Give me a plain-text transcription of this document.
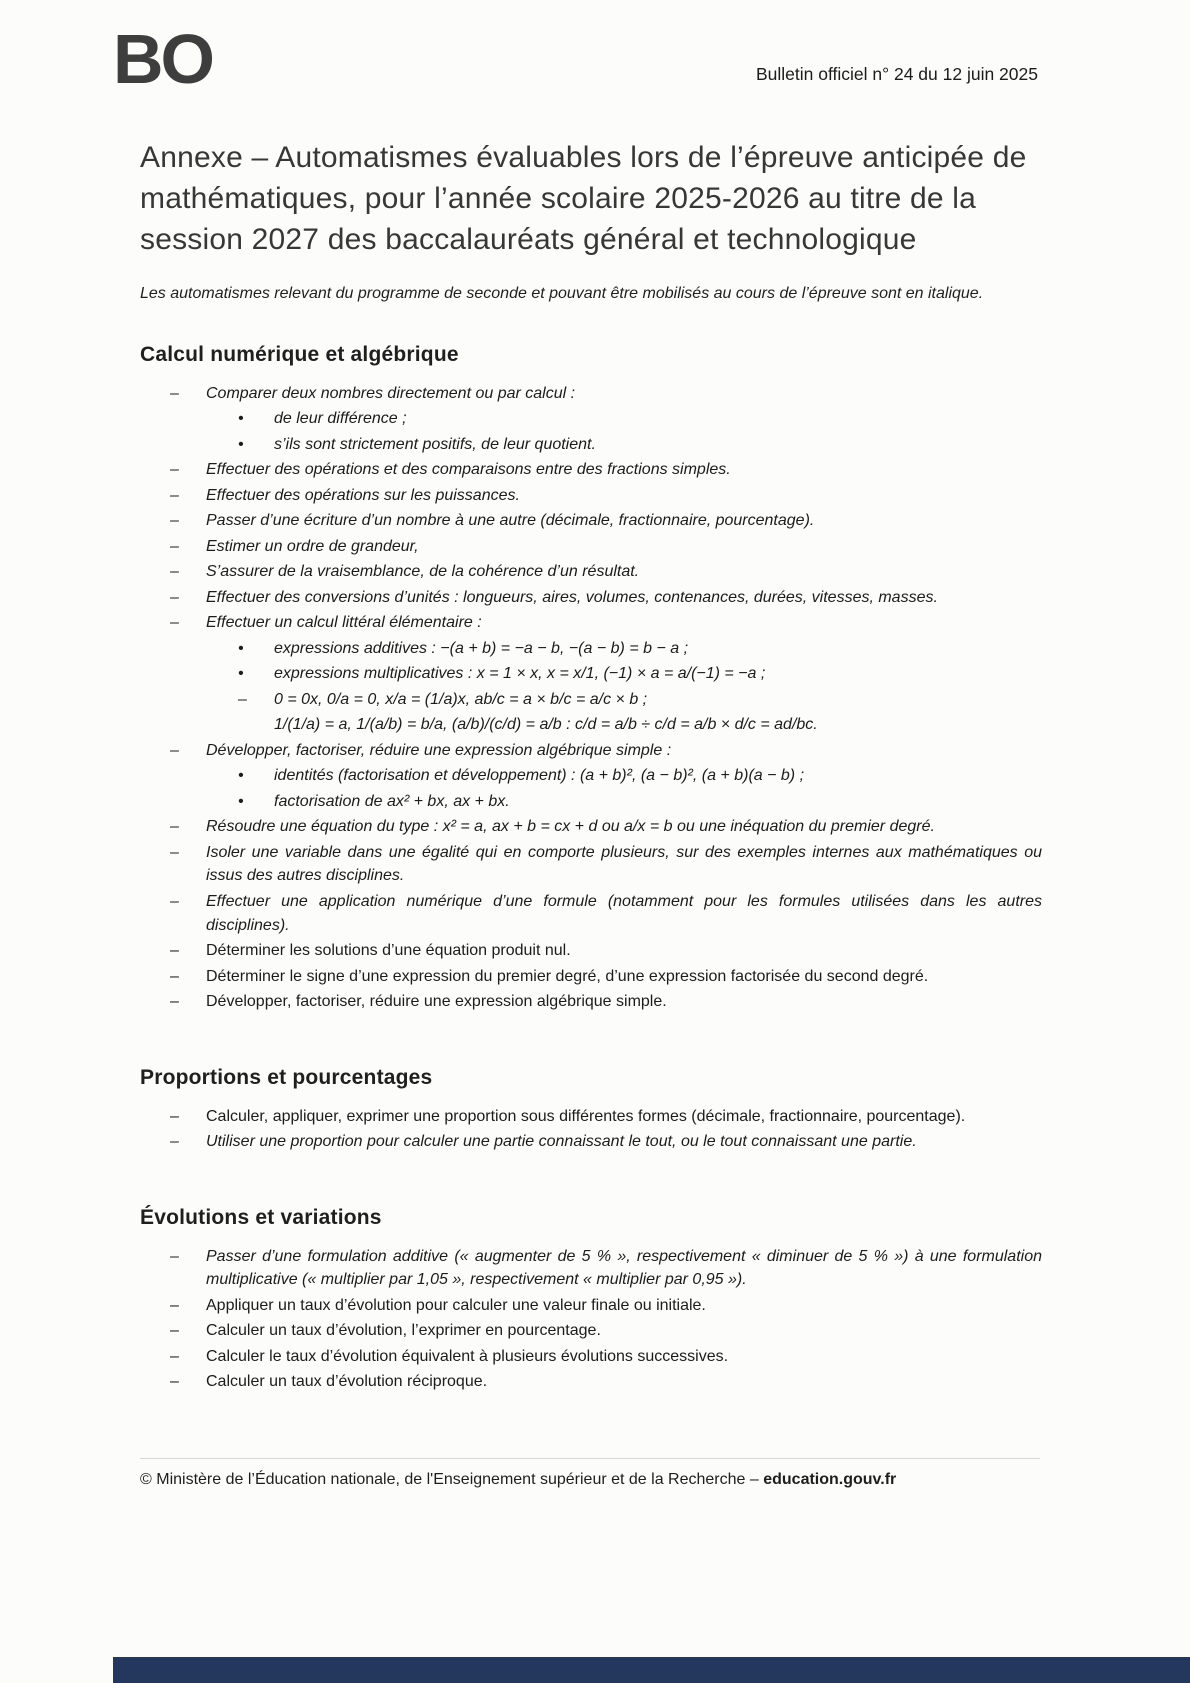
BO	Bulletin officiel n° 24 du 12 juin 2025
Annexe – Automatismes évaluables lors de l’épreuve anticipée de mathématiques, pour l’année scolaire 2025-2026 au titre de la session 2027 des baccalauréats général et technologique

Les automatismes relevant du programme de seconde et pouvant être mobilisés au cours de l’épreuve sont en italique.

Calcul numérique et algébrique
–	Comparer deux nombres directement ou par calcul :
•	de leur différence ;
•	s’ils sont strictement positifs, de leur quotient.
–	Effectuer des opérations et des comparaisons entre des fractions simples.
–	Effectuer des opérations sur les puissances.
–	Passer d’une écriture d’un nombre à une autre (décimale, fractionnaire, pourcentage).
–	Estimer un ordre de grandeur,
–	S’assurer de la vraisemblance, de la cohérence d’un résultat.
–	Effectuer des conversions d’unités : longueurs, aires, volumes, contenances, durées, vitesses, masses.
–	Effectuer un calcul littéral élémentaire :
•	expressions additives : −(a + b) = −a − b, −(a − b) = b − a ;
•	expressions multiplicatives : x = 1 × x, x = x/1, (−1) × a = a/(−1) = −a ;
–	0 = 0x, 0/a = 0, x/a = (1/a)x, ab/c = a × b/c = a/c × b ;
1/(1/a) = a, 1/(a/b) = b/a, (a/b)/(c/d) = a/b : c/d = a/b ÷ c/d = a/b × d/c = ad/bc.
–	Développer, factoriser, réduire une expression algébrique simple :
•	identités (factorisation et développement) : (a + b)², (a − b)², (a + b)(a − b) ;
•	factorisation de ax² + bx, ax + bx.
–	Résoudre une équation du type : x² = a, ax + b = cx + d ou a/x = b ou une inéquation du premier degré.
–	Isoler une variable dans une égalité qui en comporte plusieurs, sur des exemples internes aux mathématiques ou issus des autres disciplines.
–	Effectuer une application numérique d’une formule (notamment pour les formules utilisées dans les autres disciplines).
–	Déterminer les solutions d’une équation produit nul.
–	Déterminer le signe d’une expression du premier degré, d’une expression factorisée du second degré.
–	Développer, factoriser, réduire une expression algébrique simple.
Proportions et pourcentages
–	Calculer, appliquer, exprimer une proportion sous différentes formes (décimale, fractionnaire, pourcentage).
–	Utiliser une proportion pour calculer une partie connaissant le tout, ou le tout connaissant une partie.
Évolutions et variations
–	Passer d’une formulation additive (« augmenter de 5 % », respectivement « diminuer de 5 % ») à une formulation multiplicative (« multiplier par 1,05 », respectivement « multiplier par 0,95 »).
–	Appliquer un taux d’évolution pour calculer une valeur finale ou initiale.
–	Calculer un taux d’évolution, l’exprimer en pourcentage.
–	Calculer le taux d’évolution équivalent à plusieurs évolutions successives.
–	Calculer un taux d’évolution réciproque.
© Ministère de l’Éducation nationale, de l'Enseignement supérieur et de la Recherche – education.gouv.fr
